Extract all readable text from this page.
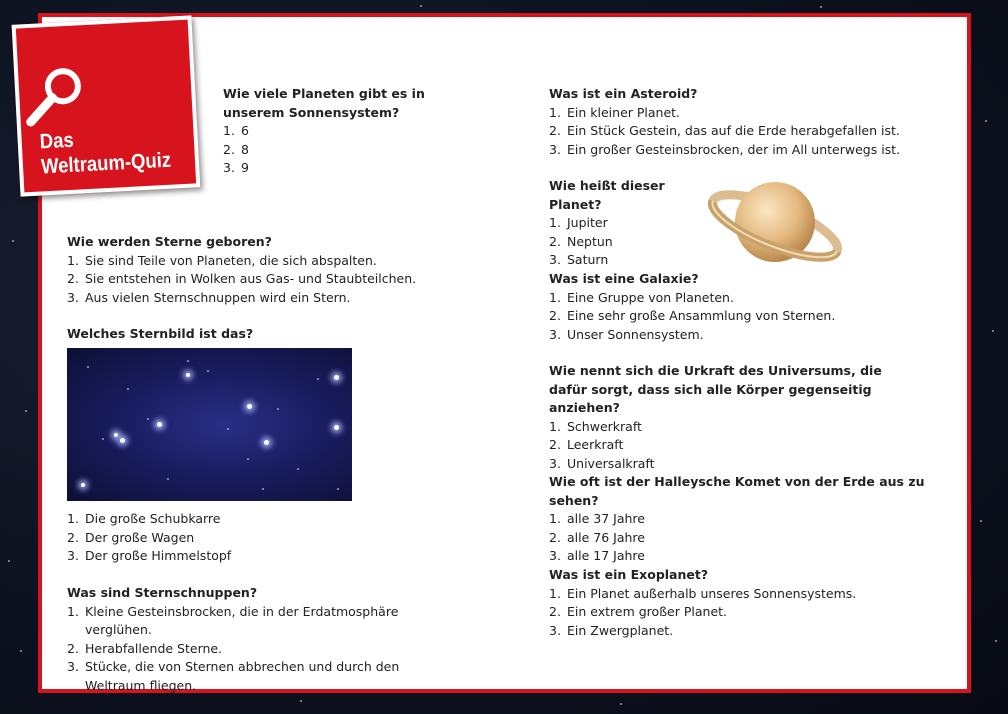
Das
Weltraum-Quiz
Wie viele Planeten gibt es in unserem Sonnensystem?
1. 6
2. 8
3. 9
Wie werden Sterne geboren?
1. Sie sind Teile von Planeten, die sich abspalten.
2. Sie entstehen in Wolken aus Gas- und Staubteilchen.
3. Aus vielen Sternschnuppen wird ein Stern.
Welches Sternbild ist das?
1. Die große Schubkarre
2. Der große Wagen
3. Der große Himmelstopf
Was sind Sternschnuppen?
1. Kleine Gesteinsbrocken, die in der Erdatmosphäre verglühen.
2. Herabfallende Sterne.
3. Stücke, die von Sternen abbrechen und durch den Weltraum fliegen.
Was ist ein Asteroid?
1. Ein kleiner Planet.
2. Ein Stück Gestein, das auf die Erde herabgefallen ist.
3. Ein großer Gesteinsbrocken, der im All unterwegs ist.
Wie heißt dieser Planet?
1. Jupiter
2. Neptun
3. Saturn
Was ist eine Galaxie?
1. Eine Gruppe von Planeten.
2. Eine sehr große Ansammlung von Sternen.
3. Unser Sonnensystem.
Wie nennt sich die Urkraft des Universums, die dafür sorgt, dass sich alle Körper gegenseitig anziehen?
1. Schwerkraft
2. Leerkraft
3. Universalkraft
Wie oft ist der Halleysche Komet von der Erde aus zu sehen?
1. alle 37 Jahre
2. alle 76 Jahre
3. alle 17 Jahre
Was ist ein Exoplanet?
1. Ein Planet außerhalb unseres Sonnensystems.
2. Ein extrem großer Planet.
3. Ein Zwergplanet.
